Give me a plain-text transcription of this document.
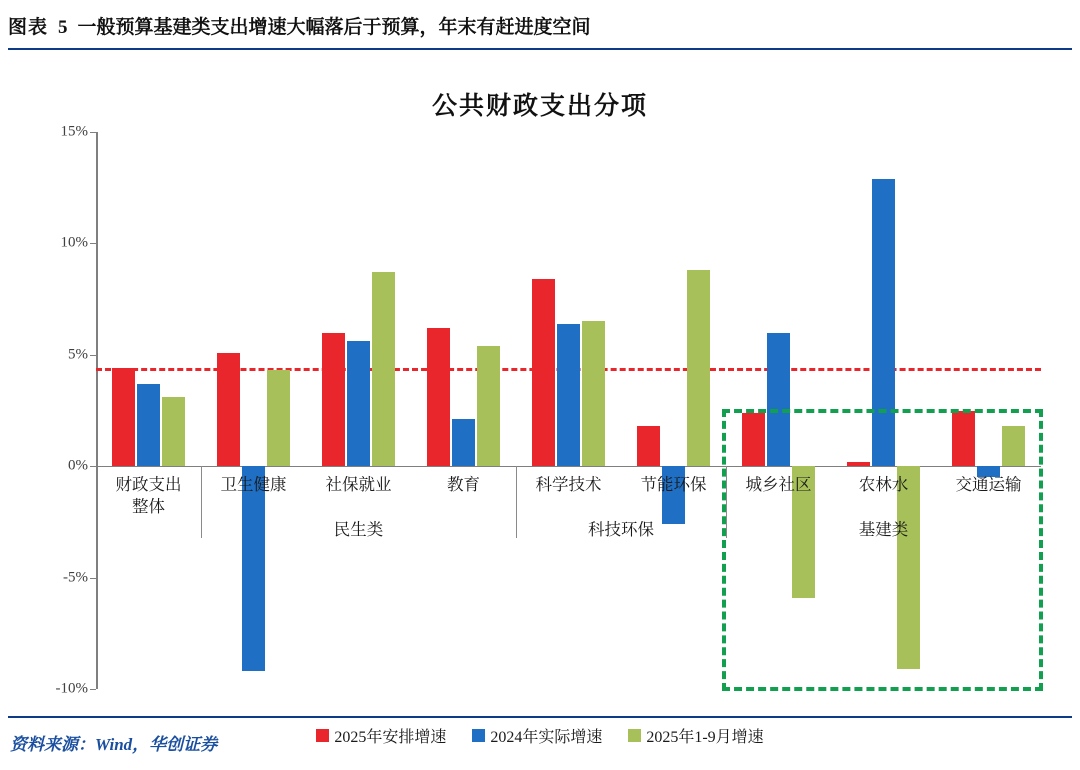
图表 5 一般预算基建类支出增速大幅落后于预算，年末有赶进度空间
公共财政支出分项
-10%
-5%
0%
5%
10%
15%
财政支出
整体
卫生健康	社保就业	教育	科学技术	节能环保	城乡社区	农林水	交通运输
民生类	科技环保	基建类
2025年安排增速	2024年实际增速	2025年1-9月增速
资料来源：Wind，华创证券
